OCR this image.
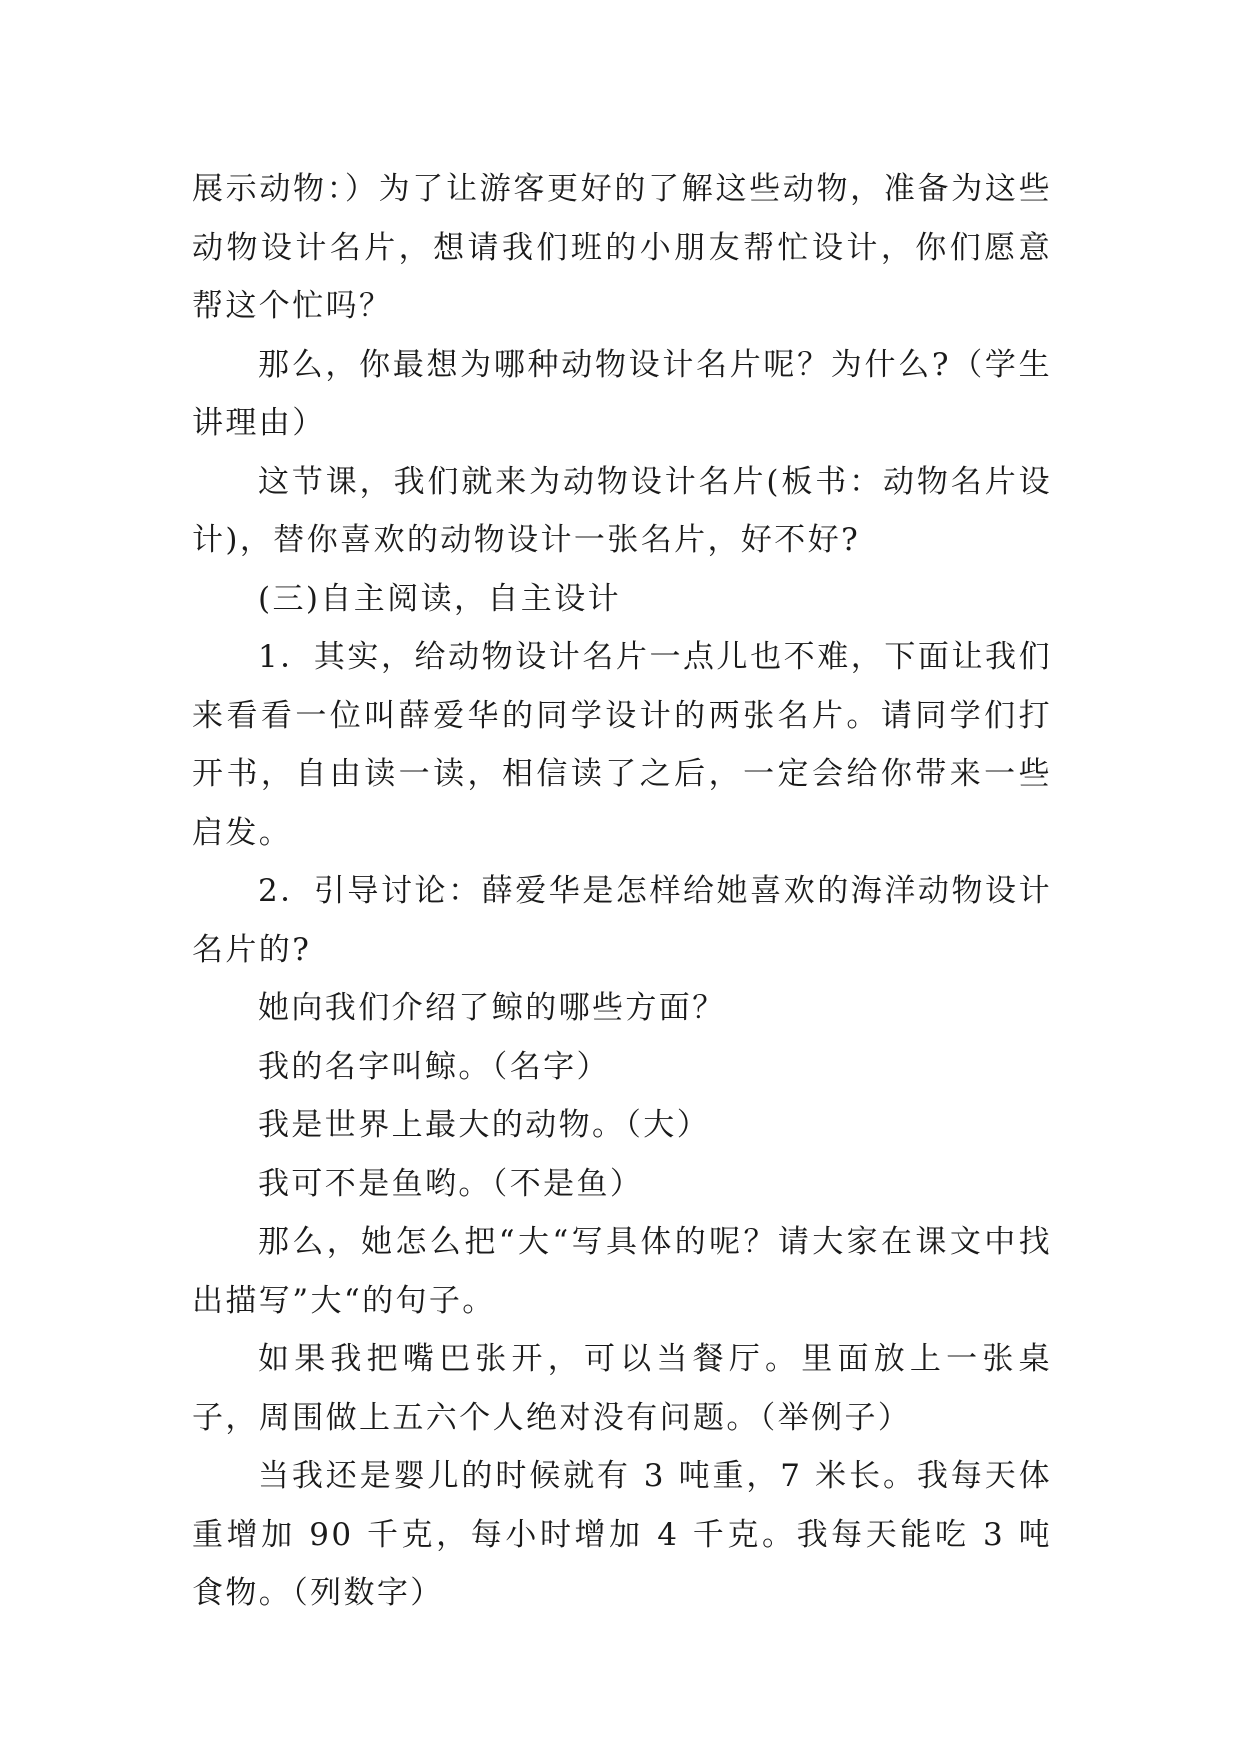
展示动物：）为了让游客更好的了解这些动物，准备为这些动物设计名片，想请我们班的小朋友帮忙设计，你们愿意帮这个忙吗？

那么，你最想为哪种动物设计名片呢？为什么?（学生讲理由）

这节课，我们就来为动物设计名片(板书：动物名片设计)，替你喜欢的动物设计一张名片，好不好?

(三)自主阅读，自主设计

1．其实，给动物设计名片一点儿也不难，下面让我们来看看一位叫薛爱华的同学设计的两张名片。请同学们打开书，自由读一读，相信读了之后，一定会给你带来一些启发。

2．引导讨论：薛爱华是怎样给她喜欢的海洋动物设计名片的?

她向我们介绍了鲸的哪些方面？

我的名字叫鲸。（名字）

我是世界上最大的动物。（大）

我可不是鱼哟。（不是鱼）

那么，她怎么把“大“写具体的呢？请大家在课文中找出描写”大“的句子。

如果我把嘴巴张开，可以当餐厅。里面放上一张桌子，周围做上五六个人绝对没有问题。（举例子）

当我还是婴儿的时候就有 3 吨重，7 米长。我每天体重增加 90 千克，每小时增加 4 千克。我每天能吃 3 吨食物。（列数字）
